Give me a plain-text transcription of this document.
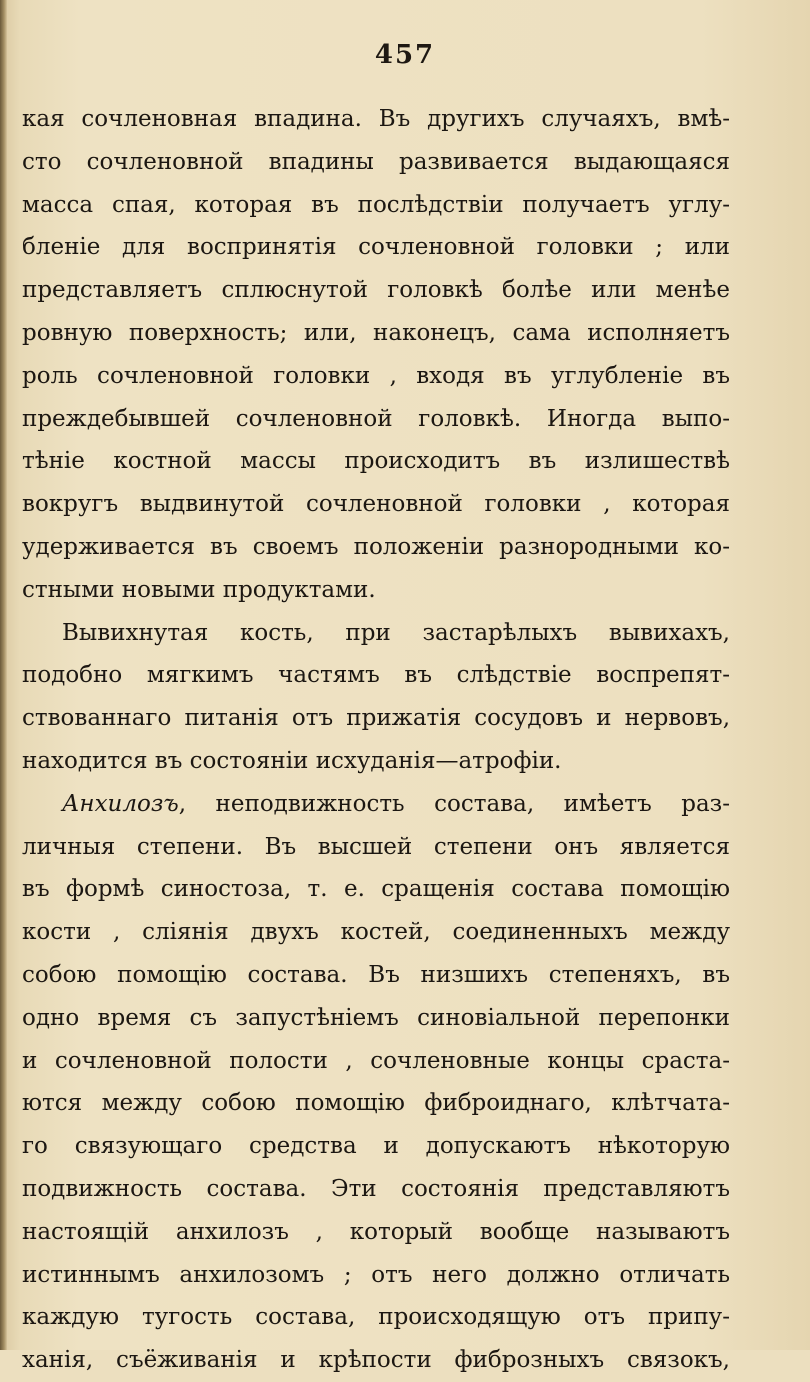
457
кая сочленовная впадина. Въ другихъ случаяхъ, вмѣ-
сто сочленовной впадины развивается выдающаяся
масса спая, которая въ послѣдствіи получаетъ углу-
бленіе для воспринятія сочленовной головки ; или
представляетъ сплюснутой головкѣ болѣе или менѣе
ровную поверхность; или, наконецъ, сама исполняетъ
роль сочленовной головки , входя въ углубленіе въ
преждебывшей сочленовной головкѣ. Иногда выпо-
тѣніе костной массы происходитъ въ излишествѣ
вокругъ выдвинутой сочленовной головки , которая
удерживается въ своемъ положеніи разнородными ко-
стными новыми продуктами.
Вывихнутая кость, при застарѣлыхъ вывихахъ,
подобно мягкимъ частямъ въ слѣдствіе воспрепят-
ствованнаго питанія отъ прижатія сосудовъ и нервовъ,
находится въ состояніи исхуданія—атрофіи.
Анхилозъ, неподвижность состава, имѣетъ раз-
личныя степени. Въ высшей степени онъ является
въ формѣ синостоза, т. е. сращенія состава помощію
кости , слiянія двухъ костей, соединенныхъ между
собою помощію состава. Въ низшихъ степеняхъ, въ
одно время съ запустѣніемъ синовіальной перепонки
и сочленовной полости , сочленовные концы сраста-
ются между собою помощію фиброиднаго, клѣтчата-
го связующаго средства и допускаютъ нѣкоторую
подвижность состава. Эти состоянія представляютъ
настоящій анхилозъ , который вообще называютъ
истиннымъ анхилозомъ ; отъ него должно отличать
каждую тугость состава, происходящую отъ припу-
ханія, съёживанія и крѣпости фиброзныхъ связокъ,
